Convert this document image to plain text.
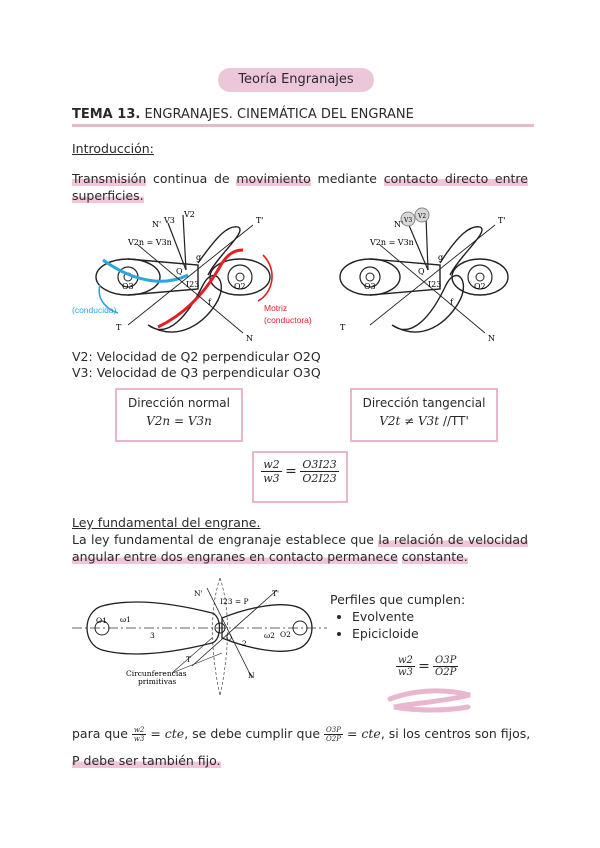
Teoría Engranajes
TEMA 13. ENGRANAJES. CINEMÁTICA DEL ENGRANE
Introducción:
Transmisión continua de movimiento mediante contacto directo entre superficies.
N'	T'
T
N
Q
I23
O3	O2
V2
V3
V2n = V3n
g
f
(conducida)	Motriz
(conductora)
N'	T'
T
N
Q
I23
O3	O2
V2n = V3n
g
f
V2
V3
V2: Velocidad de Q2 perpendicular O2Q
V3: Velocidad de Q3 perpendicular O3Q
Dirección normal
V2n = V3n
Dirección tangencial
V2t ≠ V3t //TT'
$\frac{w2}{w3} = \frac{O3I23}{O2I23}$
Ley fundamental del engrane.
La ley fundamental de engranaje establece que la relación de velocidad angular entre dos engranes en contacto permanece constante.
O1
O2
ω1
ω2
N'	T'
I23 = P
Q
T
N
3
2
Circunferencias
primitivas
Perfiles que cumplen:
• Evolvente
• Epicicloide
$\frac{w2}{w3} = \frac{O3P}{O2P}$
para que $\frac{w2}{w3}$ = cte, se debe cumplir que $\frac{O3P}{O2P}$ = cte, si los centros son fijos,
P debe ser también fijo.
